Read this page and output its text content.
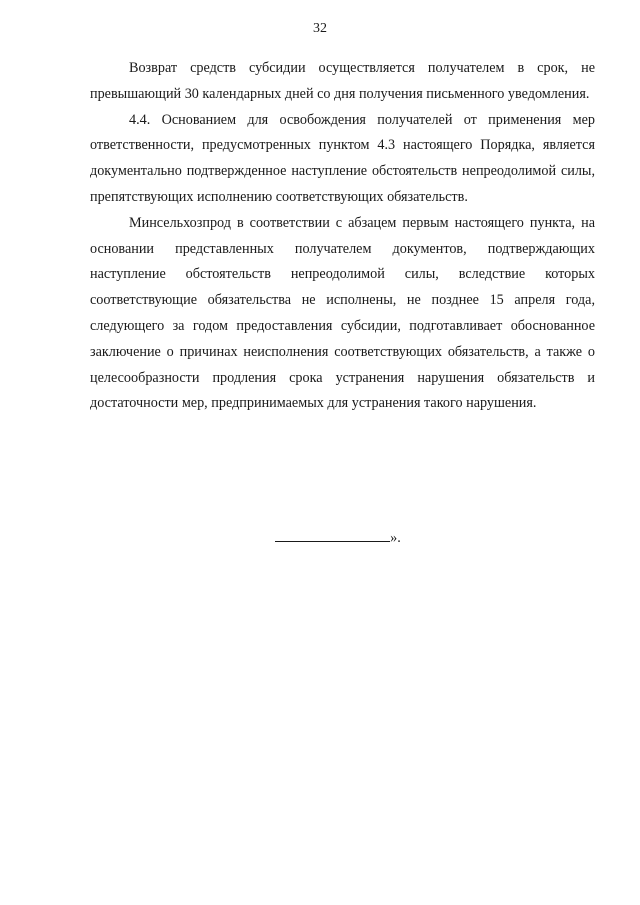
32

Возврат средств субсидии осуществляется получателем в срок, не превышающий 30 календарных дней со дня получения письменного уведомления.

4.4. Основанием для освобождения получателей от применения мер ответственности, предусмотренных пунктом 4.3 настоящего Порядка, является документально подтвержденное наступление обстоятельств непреодолимой силы, препятствующих исполнению соответствующих обязательств.

Минсельхозпрод в соответствии с абзацем первым настоящего пункта, на основании представленных получателем документов, подтверждающих наступление обстоятельств непреодолимой силы, вследствие которых соответствующие обязательства не исполнены, не позднее 15 апреля года, следующего за годом предоставления субсидии, подготавливает обоснованное заключение о причинах неисполнения соответствующих обязательств, а также о целесообразности продления срока устранения нарушения обязательств и достаточности мер, предпринимаемых для устранения такого нарушения.

».
